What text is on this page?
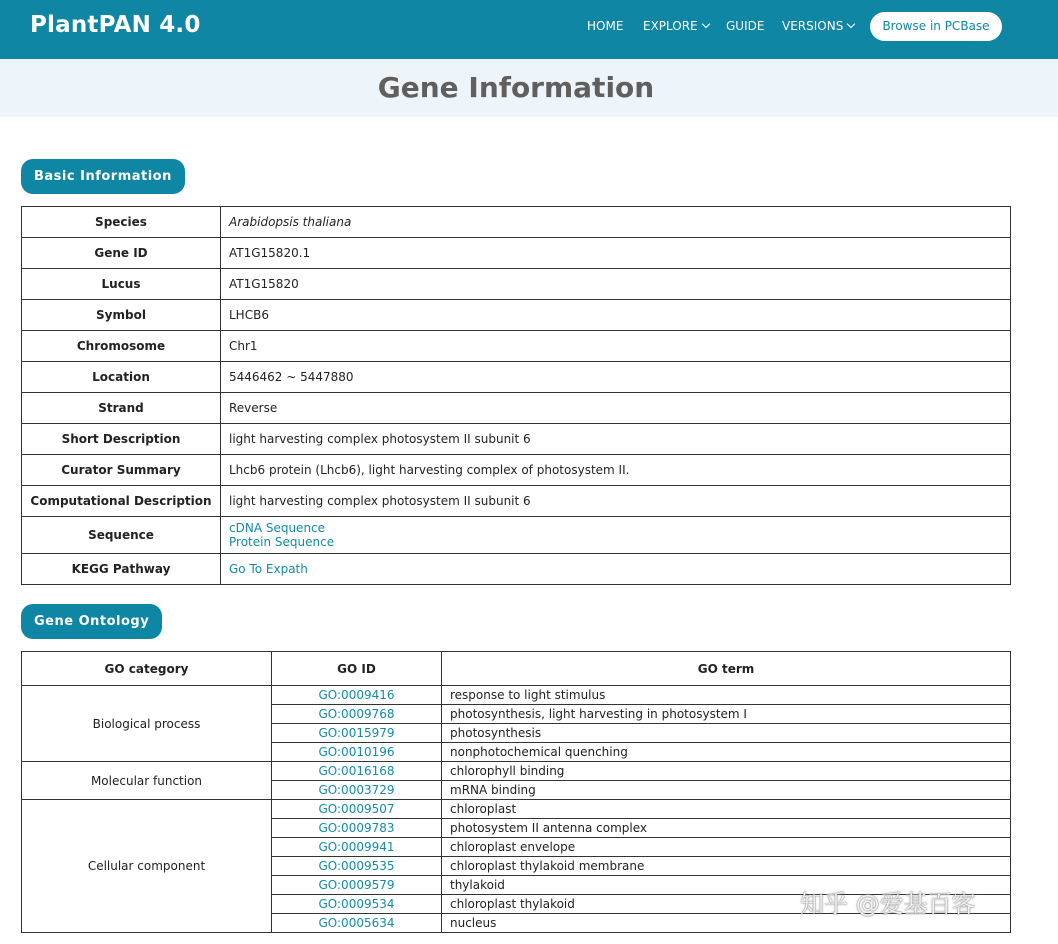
PlantPAN 4.0	HOME EXPLORE	GUIDE VERSIONS	Browse in PCBase
Gene Information
Basic Information
Species	Arabidopsis thaliana
Gene ID	AT1G15820.1
Lucus	AT1G15820
Symbol	LHCB6
Chromosome	Chr1
Location	5446462 ~ 5447880
Strand	Reverse
Short Description	light harvesting complex photosystem II subunit 6
Curator Summary	Lhcb6 protein (Lhcb6), light harvesting complex of photosystem II.
Computational Description	light harvesting complex photosystem II subunit 6
Sequence	cDNA Sequence
Protein Sequence

KEGG Pathway	Go To Expath
Gene Ontology
GO category	GO ID	GO term
Biological process	GO:0009416	response to light stimulus
	GO:0009768	photosynthesis, light harvesting in photosystem I
	GO:0015979	photosynthesis
	GO:0010196	nonphotochemical quenching
Molecular function	GO:0016168	chlorophyll binding
	GO:0003729	mRNA binding
Cellular component	GO:0009507	chloroplast
	GO:0009783	photosystem II antenna complex
	GO:0009941	chloroplast envelope
	GO:0009535	chloroplast thylakoid membrane
	GO:0009579	thylakoid
	GO:0009534	chloroplast thylakoid
	GO:0005634	nucleus
知乎 @爱基百客
